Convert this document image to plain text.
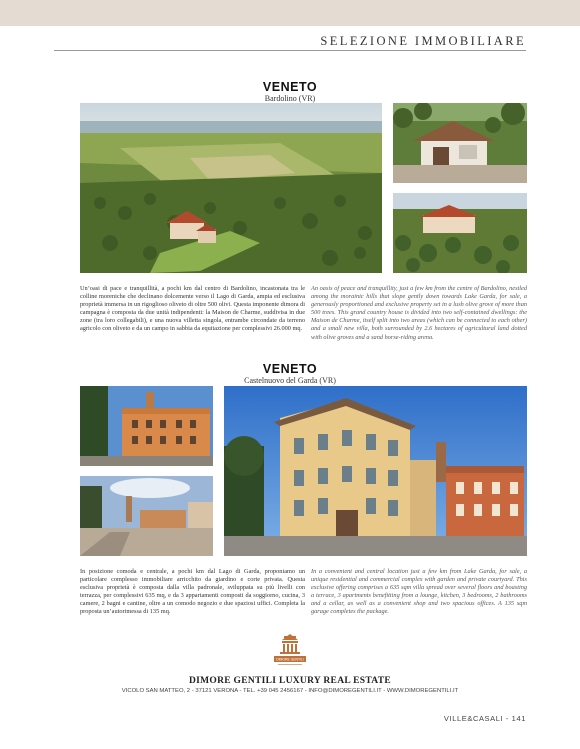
SELEZIONE IMMOBILIARE
VENETO
Bardolino (VR)
Un’oasi di pace e tranquillità, a pochi km dal centro di Bardolino, incastonata tra le colline moreniche che declinano dolcemente verso il Lago di Garda, ampia ed esclusiva proprietà immersa in un rigoglioso oliveto di oltre 500 olivi. Questa imponente dimora di campagna è composta da due unità indipendenti: la Maison de Charme, suddivisa in due zone (tra loro collegabili), e una nuova villetta singola, entrambe circondate da terreno agricolo con oliveto e da un campo in sabbia da equitazione per complessivi 26.000 mq.
An oasis of peace and tranquillity, just a few km from the centre of Bardolino, nestled among the morainic hills that slope gently down towards Lake Garda, for sale, a generously proportioned and exclusive property set in a lush olive grove of more than 500 trees. This grand country house is divided into two self-contained dwellings: the Maison de Charme, itself split into two areas (which can be connected to each other) and a small new villa, both surrounded by 2.6 hectares of agricultural land dotted with olive groves and a sand horse-riding arena.
VENETO
Castelnuovo del Garda (VR)
In posizione comoda e centrale, a pochi km dal Lago di Garda, proponiamo un particolare complesso immobiliare arricchito da giardino e corte privata. Questa esclusiva proprietà è composta dalla villa padronale, sviluppata su più livelli con terrazza, per complessivi 635 mq, e da 3 appartamenti composti da soggiorno, cucina, 3 camere, 2 bagni e cantine, oltre a un comodo negozio e due spaziosi uffici. Completa la proposta un’autorimessa di 135 mq.
In a convenient and central location just a few km from Lake Garda, for sale, a unique residential and commercial complex with garden and private courtyard. This exclusive offering comprises a 635 sqm villa spread over several floors and boasting a terrace, 3 apartments benefitting from a lounge, kitchen, 3 bedrooms, 2 bathrooms and a cellar, as well as a convenient shop and two spacious offices. A 135 sqm garage completes the package.
DIMORE GENTILI
DIMORE GENTILI LUXURY REAL ESTATE
VICOLO SAN MATTEO, 2 - 37121 VERONA - TEL. +39 045 2456167 - INFO@DIMOREGENTILI.IT - WWW.DIMOREGENTILI.IT
VILLE&CASALI - 141
